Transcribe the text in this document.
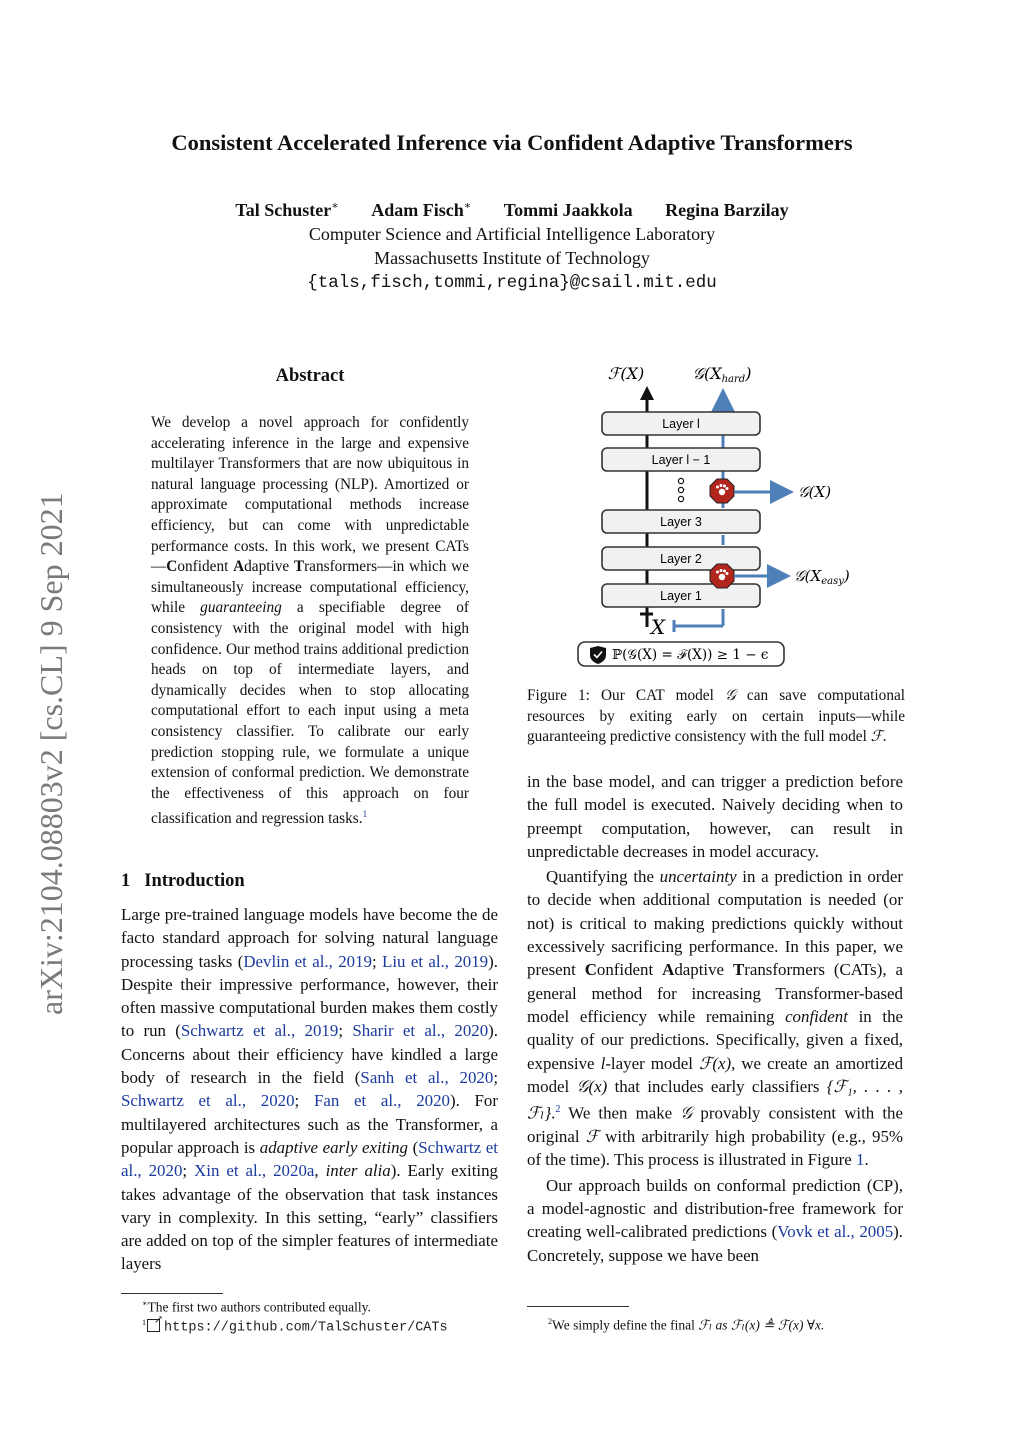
Consistent Accelerated Inference via Confident Adaptive Transformers
Tal Schuster∗ Adam Fisch∗ Tommi Jaakkola Regina Barzilay
Computer Science and Artificial Intelligence Laboratory
Massachusetts Institute of Technology
{tals,fisch,tommi,regina}@csail.mit.edu
arXiv:2104.08803v2 [cs.CL] 9 Sep 2021
Abstract
We develop a novel approach for confidently accelerating inference in the large and expensive multilayer Transformers that are now ubiquitous in natural language processing (NLP). Amortized or approximate computational methods increase efficiency, but can come with unpredictable performance costs. In this work, we present CATs—Confident Adaptive Transformers—in which we simultaneously increase computational efficiency, while guaranteeing a specifiable degree of consistency with the original model with high confidence. Our method trains additional prediction heads on top of intermediate layers, and dynamically decides when to stop allocating computational effort to each input using a meta consistency classifier. To calibrate our early prediction stopping rule, we formulate a unique extension of conformal prediction. We demonstrate the effectiveness of this approach on four classification and regression tasks.$^1$
1 Introduction

Large pre-trained language models have become the de facto standard approach for solving natural language processing tasks (Devlin et al., 2019; Liu et al., 2019). Despite their impressive performance, however, their often massive computational burden makes them costly to run (Schwartz et al., 2019; Sharir et al., 2020). Concerns about their efficiency have kindled a large body of research in the field (Sanh et al., 2020; Schwartz et al., 2020; Fan et al., 2020). For multilayered architectures such as the Transformer, a popular approach is adaptive early exiting (Schwartz et al., 2020; Xin et al., 2020a, inter alia). Early exiting takes advantage of the observation that task instances vary in complexity. In this setting, “early” classifiers are added on top of the simpler features of intermediate layers

ℱ(X)	𝒢(Xhard)
Layer l
Layer l − 1
Layer 3
Layer 2
Layer 1
𝒢(X)
$𝒢(X_{easy})$
X
ℙ(𝒢(X) = ℱ(X)) ≥ 1 − ϵ
Figure 1: Our CAT model 𝒢 can save computational resources by exiting early on certain inputs—while guaranteeing predictive consistency with the full model ℱ.

in the base model, and can trigger a prediction before the full model is executed. Naively deciding when to preempt computation, however, can result in unpredictable decreases in model accuracy.

Quantifying the uncertainty in a prediction in order to decide when additional computation is needed (or not) is critical to making predictions quickly without excessively sacrificing performance. In this paper, we present Confident Adaptive Transformers (CATs), a general method for increasing Transformer-based model efficiency while remaining confident in the quality of our predictions. Specifically, given a fixed, expensive l-layer model ℱ(x), we create an amortized model 𝒢(x) that includes early classifiers {ℱ₁, . . . , ℱₗ}.$^2$ We then make 𝒢 provably consistent with the original ℱ with arbitrarily high probability (e.g., 95% of the time). This process is illustrated in Figure 1.

Our approach builds on conformal prediction (CP), a model-agnostic and distribution-free framework for creating well-calibrated predictions (Vovk et al., 2005). Concretely, suppose we have been

∗The first two authors contributed equally.
$^1$ ↗
https://github.com/TalSchuster/CATs	$^2$We simply define the final ℱₗ as ℱₗ(x) ≜ ℱ(x) ∀x.
